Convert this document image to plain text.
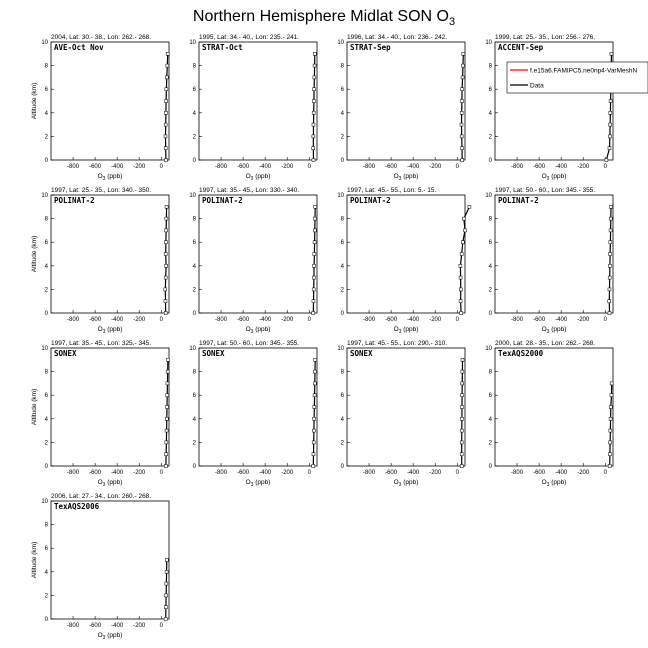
Northern Hemisphere Midlat SON $O_3$
2004, Lat: 30.- 38., Lon: 262.- 268.
AVE-Oct Nov
0
2
4
6
8
10
-800 -600 -400 -200 0
$O_3$ (ppb)
Altitude (km)
1995, Lat: 34.- 40., Lon: 235.- 241.
STRAT-Oct
0
2
4
6
8
10
-800 -600 -400 -200 0
$O_3$ (ppb)
1996, Lat: 34.- 40., Lon: 236.- 242.
STRAT-Sep
0
2
4
6
8
10
-800 -600 -400 -200 0
$O_3$ (ppb)
1999, Lat: 25.- 35., Lon: 256.- 276.
ACCENT-Sep
0
2
4
6
8
10
-800 -600 -400 -200 0
$O_3$ (ppb)
f.e15a6.FAMIPC5.ne0np4-VarMeshN
Data
1997, Lat: 25.- 35., Lon: 340.- 350.
POLINAT-2
0
2
4
6
8
10
-800 -600 -400 -200 0
$O_3$ (ppb)
Altitude (km)
1997, Lat: 35.- 45., Lon: 330.- 340.
POLINAT-2
0
2
4
6
8
10
-800 -600 -400 -200 0
$O_3$ (ppb)
1997, Lat: 45.- 55., Lon: 5.- 15.
POLINAT-2
0
2
4
6
8
10
-800 -600 -400 -200 0
$O_3$ (ppb)
1997, Lat: 50.- 60., Lon: 345.- 355.
POLINAT-2
0
2
4
6
8
10
-800 -600 -400 -200 0
$O_3$ (ppb)
1997, Lat: 35.- 45., Lon: 325.- 345.
SONEX
0
2
4
6
8
10
-800 -600 -400 -200 0
$O_3$ (ppb)
Altitude (km)
1997, Lat: 50.- 60., Lon: 345.- 355.
SONEX
0
2
4
6
8
10
-800 -600 -400 -200 0
$O_3$ (ppb)
1997, Lat: 45.- 55., Lon: 290.- 310.
SONEX
0
2
4
6
8
10
-800 -600 -400 -200 0
$O_3$ (ppb)
2000, Lat: 28.- 35., Lon: 262.- 268.
TexAQS2000
0
2
4
6
8
10
-800 -600 -400 -200 0
$O_3$ (ppb)
2006, Lat: 27.- 34., Lon: 260.- 268.
TexAQS2006
0
2
4
6
8
10
-800 -600 -400 -200 0
$O_3$ (ppb)
Altitude (km)
